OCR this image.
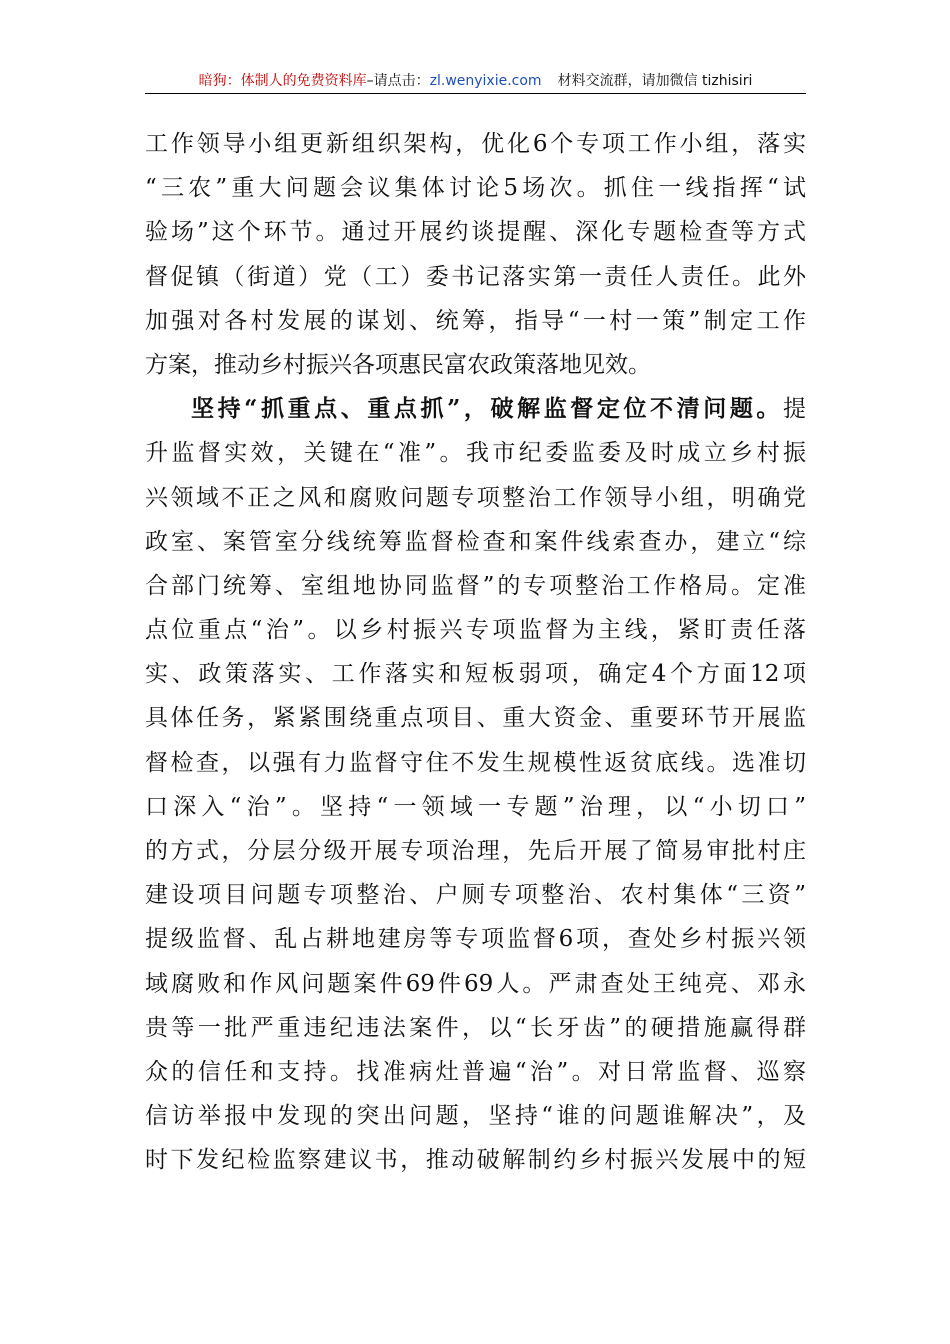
暗狗：体制人的免费资料库 –请点击： zl.wenyixie.com 材料交流群，请加微信 tizhisiri
工作领导小组更新组织架构，优化6个专项工作小组，落实
“三农”重大问题会议集体讨论5场次。抓住一线指挥“试
验场”这个环节。通过开展约谈提醒、深化专题检查等方式
督促镇（街道）党（工）委书记落实第一责任人责任。此外
加强对各村发展的谋划、统筹，指导“一村一策”制定工作
方案，推动乡村振兴各项惠民富农政策落地见效。
坚持“抓重点、重点抓”，破解监督定位不清问题。提
升监督实效，关键在“准”。我市纪委监委及时成立乡村振
兴领域不正之风和腐败问题专项整治工作领导小组，明确党
政室、案管室分线统筹监督检查和案件线索查办，建立“综
合部门统筹、室组地协同监督”的专项整治工作格局。定准
点位重点“治”。以乡村振兴专项监督为主线，紧盯责任落
实、政策落实、工作落实和短板弱项，确定4个方面12项
具体任务，紧紧围绕重点项目、重大资金、重要环节开展监
督检查，以强有力监督守住不发生规模性返贫底线。选准切
口深入“治”。坚持“一领域一专题”治理，以“小切口”
的方式，分层分级开展专项治理，先后开展了简易审批村庄
建设项目问题专项整治、户厕专项整治、农村集体“三资”
提级监督、乱占耕地建房等专项监督6项，查处乡村振兴领
域腐败和作风问题案件69件69人。严肃查处王纯亮、邓永
贵等一批严重违纪违法案件，以“长牙齿”的硬措施赢得群
众的信任和支持。找准病灶普遍“治”。对日常监督、巡察
信访举报中发现的突出问题，坚持“谁的问题谁解决”，及
时下发纪检监察建议书，推动破解制约乡村振兴发展中的短
